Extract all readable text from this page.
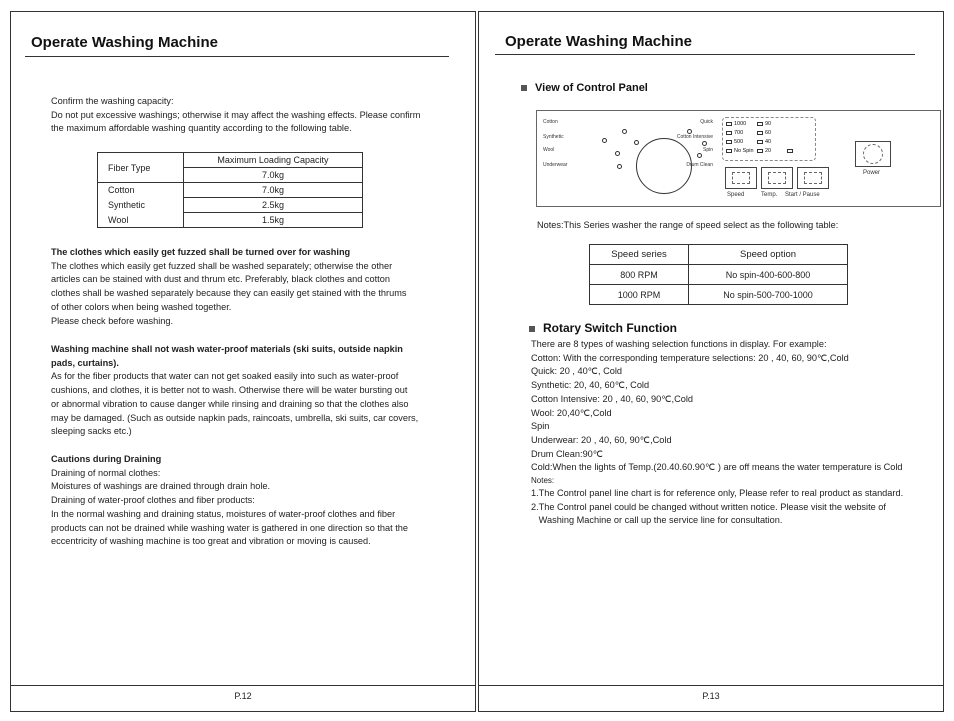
Operate Washing Machine

Confirm the washing capacity:

Do not put excessive washings; otherwise it may affect the washing effects. Please confirm

the maximum affordable washing quantity according to the following table.

Fiber Type	Maximum Loading Capacity
	7.0kg
Cotton	7.0kg
Synthetic	2.5kg
Wool	1.5kg

The clothes which easily get fuzzed shall be turned over for washing

The clothes which easily get fuzzed shall be washed separately; otherwise the other

articles can be stained with dust and thrum etc. Preferably, black clothes and cotton

clothes shall be washed separately because they can easily get stained with the thrums

of other colors when being washed together.

Please check before washing.

Washing machine shall not wash water-proof materials (ski suits, outside napkin

pads, curtains).

As for the fiber products that water can not get soaked easily into such as water-proof

cushions, and clothes, it is better not to wash. Otherwise there will be water bursting out

or abnormal vibration to cause danger while rinsing and draining so that the clothes also

may be damaged. (Such as outside napkin pads, raincoats, umbrella, ski suits, car covers,

sleeping sacks etc.)

Cautions during Draining

Draining of normal clothes:

Moistures of washings are drained through drain hole.

Draining of water-proof clothes and fiber products:

In the normal washing and draining status, moistures of water-proof clothes and fiber

products can not be drained while washing water is gathered in one direction so that the

eccentricity of washing machine is too great and vibration or moving is caused.

P.12
Operate Washing Machine
View of Control Panel
Cotton
Synthetic
Wool
Underwear
Quick
Cotton Intensive
Spin
Drum Clean
1000
700
500
No Spin
90
60
40
20
Speed	Temp. Start / Pause
Power
Notes:This Series washer the range of speed select as the following table:
Speed series	Speed option
800 RPM	No spin-400-600-800
1000 RPM	No spin-500-700-1000
Rotary Switch Function

There are 8 types of washing selection functions in display. For example:

Cotton: With the corresponding temperature selections: 20 , 40, 60, 90℃,Cold

Quick: 20 , 40℃, Cold

Synthetic: 20, 40, 60℃, Cold

Cotton Intensive: 20 , 40, 60, 90℃,Cold

Wool: 20,40℃,Cold

Spin

Underwear: 20 , 40, 60, 90℃,Cold

Drum Clean:90℃

Cold:When the lights of Temp.(20.40.60.90℃ ) are off means the water temperature is Cold

Notes:

1.The Control panel line chart is for reference only, Please refer to real product as standard.

2.The Control panel could be changed without written notice. Please visit the website of

Washing Machine or call up the service line for consultation.

P.13
